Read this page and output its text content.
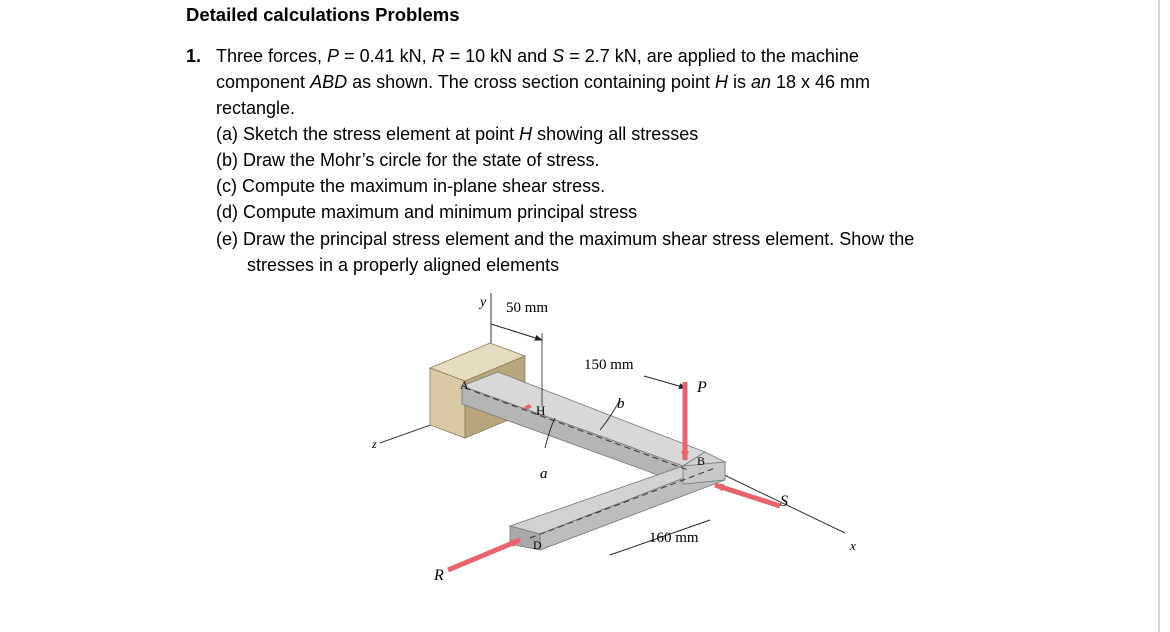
Detailed calculations Problems
1. Three forces, P = 0.41 kN, R = 10 kN and S = 2.7 kN, are applied to the machine
component ABD as shown. The cross section containing point H is an 18 x 46 mm
rectangle.
(a) Sketch the stress element at point H showing all stresses
(b) Draw the Mohr’s circle for the state of stress.
(c) Compute the maximum in-plane shear stress.
(d) Compute maximum and minimum principal stress
(e) Draw the principal stress element and the maximum shear stress element. Show the
stresses in a properly aligned elements
y
z
x
50 mm
150 mm
160 mm
A
B
D
H
a
b
P
R
S
